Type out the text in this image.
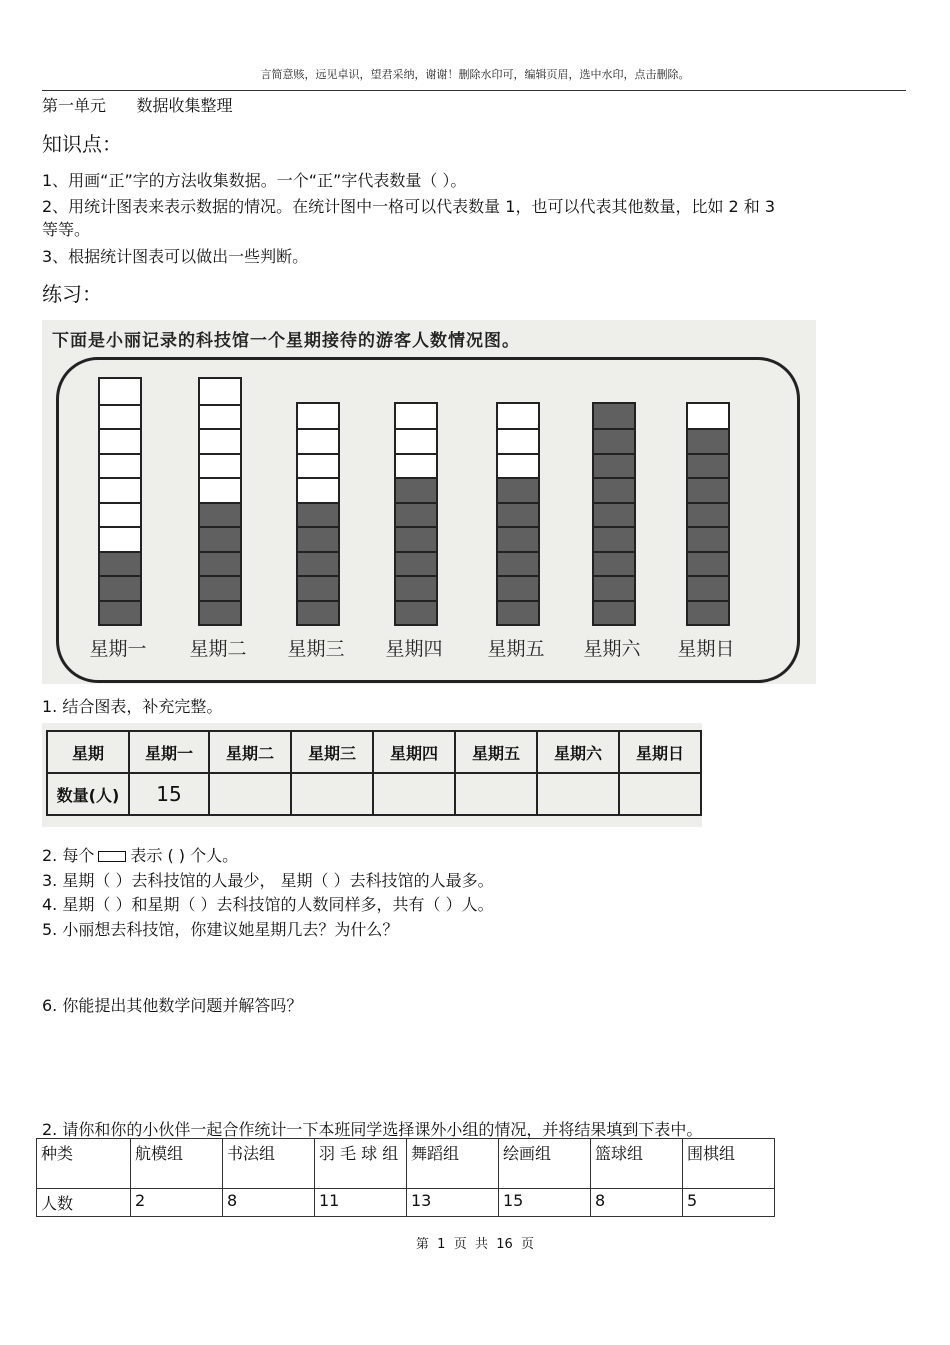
言简意赅，远见卓识，望君采纳，谢谢！删除水印可，编辑页眉，选中水印，点击删除。
第一单元      数据收集整理
知识点：
1、用画“正”字的方法收集数据。一个“正”字代表数量（ ）。
2、用统计图表来表示数据的情况。在统计图中一格可以代表数量 1，也可以代表其他数量，比如 2 和 3
等等。
3、根据统计图表可以做出一些判断。
练习：
下面是小丽记录的科技馆一个星期接待的游客人数情况图。
星期一	星期二	星期三	星期四	星期五	星期六	星期日
1. 结合图表，补充完整。
星期	星期一	星期二	星期三	星期四	星期五	星期六	星期日
数量(人)	15						
2. 每个 表示 ( ) 个人。
3. 星期（ ）去科技馆的人最少， 星期（ ）去科技馆的人最多。
4. 星期（ ）和星期（ ）去科技馆的人数同样多，共有（ ）人。
5. 小丽想去科技馆，你建议她星期几去？为什么？
6. 你能提出其他数学问题并解答吗？
2. 请你和你的小伙伴一起合作统计一下本班同学选择课外小组的情况，并将结果填到下表中。
种类	航模组	书法组	羽 毛 球 组	舞蹈组	绘画组	篮球组	围棋组
人数	2	8	11	13	15	8	5
第  1  页  共  16  页
